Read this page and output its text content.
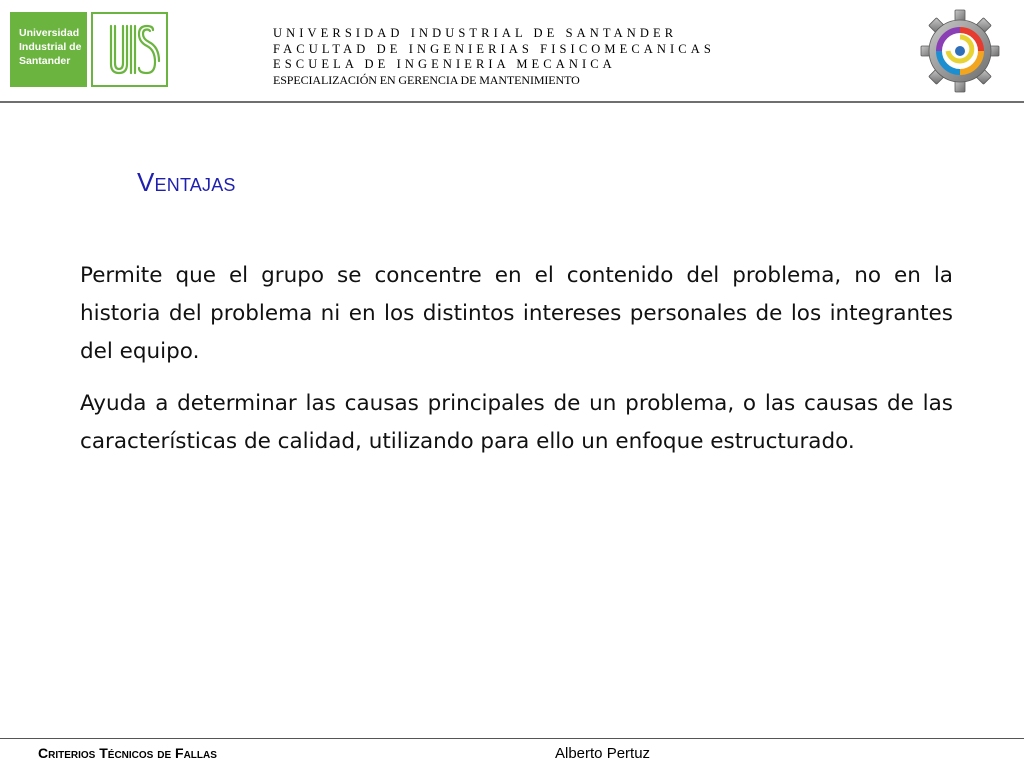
Universidad
Industrial de
Santander
UNIVERSIDAD INDUSTRIAL DE SANTANDER
FACULTAD DE INGENIERIAS FISICOMECANICAS
ESCUELA DE INGENIERIA MECANICA
ESPECIALIZACIÓN EN GERENCIA DE MANTENIMIENTO
Ventajas

Permite que el grupo se concentre en el contenido del problema, no en la historia del problema ni en los distintos intereses personales de los integrantes del equipo.

Ayuda a determinar las causas principales de un problema, o las causas de las características de calidad, utilizando para ello un enfoque estructurado.

Criterios Técnicos de Fallas	Alberto Pertuz
